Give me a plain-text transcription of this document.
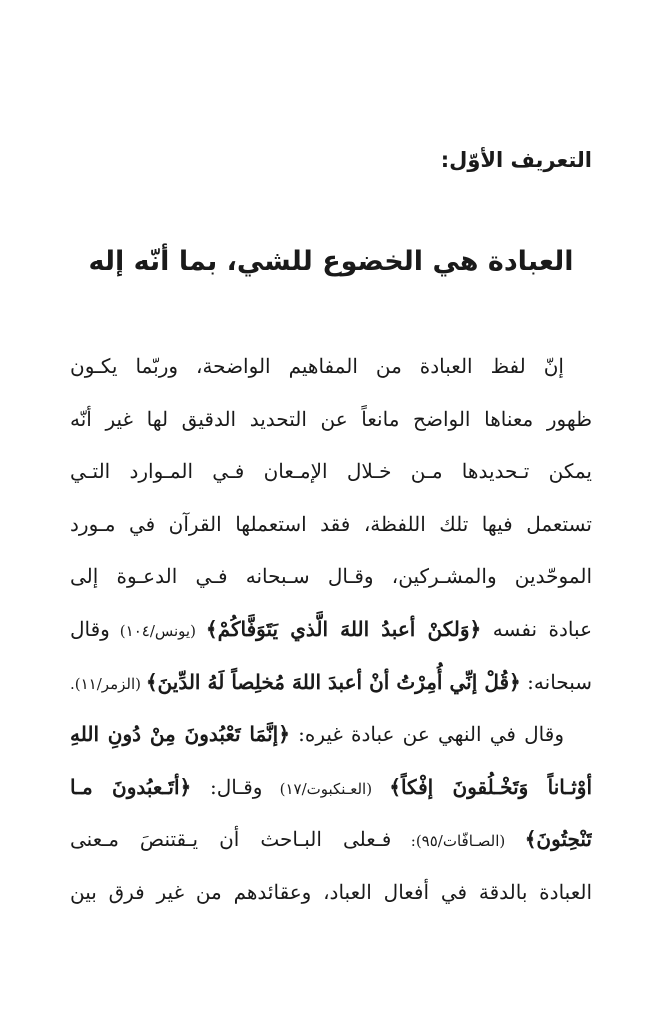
التعريف الأوّل:
العبادة هي الخضوع للشي، بما أنّه إله
إنّ لفظ العبادة من المفاهيم الواضحة، وربّما يكـون
ظهور معناها الواضح مانعاً عن التحديد الدقيق لها غير أنّه
يمكن تـحديدها مـن خـلال الإمـعان فـي المـوارد التـي
تستعمل فيها تلك اللفظة، فقد استعملها القرآن في مـورد
الموحّدين والمشـركين، وقـال سـبحانه فـي الدعـوة إلى
عبادة نفسه ﴿وَلكنْ أعبدُ اللهَ الَّذي يَتَوَفَّاكُمْ﴾ (يونس/١٠٤) وقال
سبحانه: ﴿قُلْ إنِّي أُمِرْتُ أنْ أعبدَ اللهَ مُخلِصاً لَهُ الدِّينَ﴾ (الزمر/١١).
وقال في النهي عن عبادة غيره: ﴿إنَّمَا تَعْبُدونَ مِنْ دُونِ اللهِ
أوْثـاناً وَتَخْـلُقونَ إفْكاً﴾ (العـنكبوت/١٧) وقـال: ﴿أتَـعبُدونَ مـا
تَنْحِتُونَ﴾ (الصـافّات/٩٥): فـعلى البـاحث أن يـقتنصَ مـعنى
العبادة بالدقة في أفعال العباد، وعقائدهم من غير فرق بين
